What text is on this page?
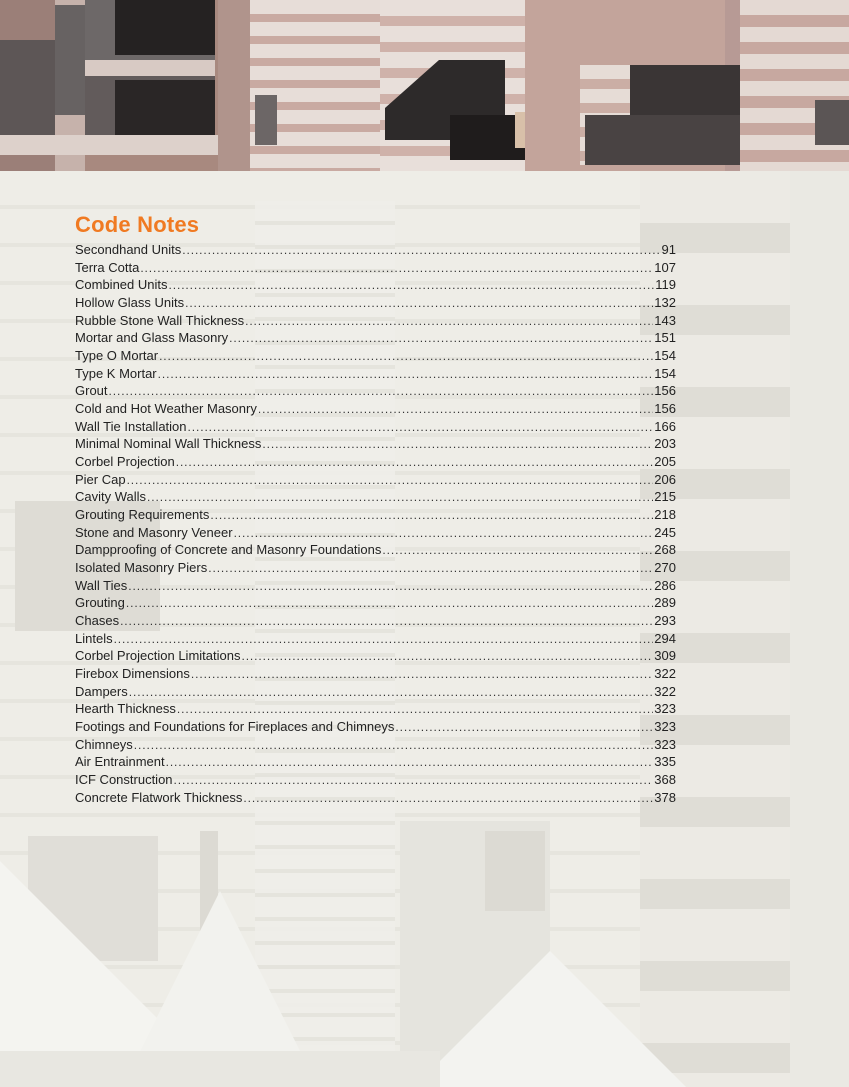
Code Notes
Secondhand Units .....	91
Terra Cotta .....	107
Combined Units .....	119
Hollow Glass Units .....	132
Rubble Stone Wall Thickness .....	143
Mortar and Glass Masonry .....	151
Type O Mortar .....	154
Type K Mortar .....	154
Grout .....	156
Cold and Hot Weather Masonry .....	156
Wall Tie Installation .....	166
Minimal Nominal Wall Thickness .....	203
Corbel Projection .....	205
Pier Cap .....	206
Cavity Walls .....	215
Grouting Requirements .....	218
Stone and Masonry Veneer .....	245
Dampproofing of Concrete and Masonry Foundations .....	268
Isolated Masonry Piers .....	270
Wall Ties .....	286
Grouting .....	289
Chases .....	293
Lintels .....	294
Corbel Projection Limitations .....	309
Firebox Dimensions .....	322
Dampers .....	322
Hearth Thickness .....	323
Footings and Foundations for Fireplaces and Chimneys .....	323
Chimneys .....	323
Air Entrainment .....	335
ICF Construction .....	368
Concrete Flatwork Thickness .....	378
